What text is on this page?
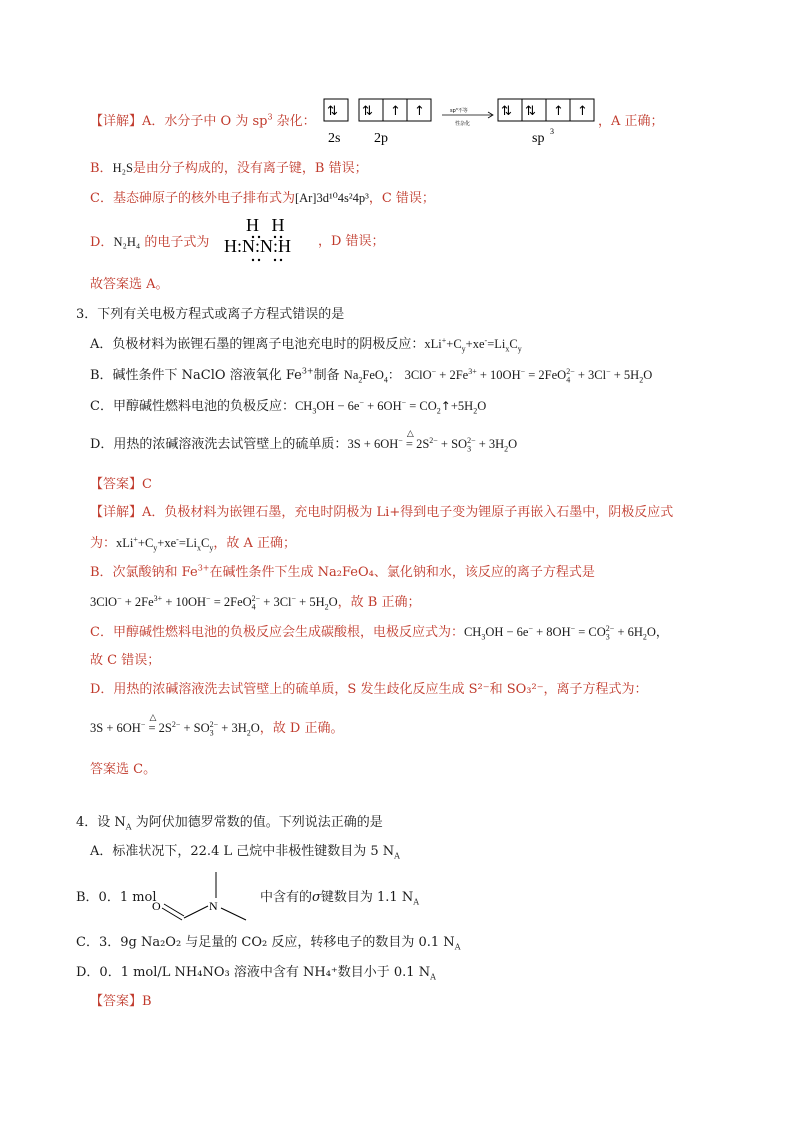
【详解】A．水分子中 O 为 $sp^3$ 杂化：
⇅ ⇅ ↑ ↑
2s 2p
sp³不等
性杂化
⇅ ⇅ ↑ ↑
sp 3
，A 正确；
B．H₂S是由分子构成的，没有离子键，B 错误；
C．基态砷原子的核外电子排布式为[Ar]3d¹⁰4s²4p³，C 错误；
D．N₂H₄ 的电子式为
H H
H:N:N:H ，D 错误；
故答案选 A。
3．下列有关电极方程式或离子方程式错误的是
A．负极材料为嵌锂石墨的锂离子电池充电时的阴极反应：$xLi^++C_y+xe^-=Li_xC_y$
B．碱性条件下 NaClO 溶液氧化 $Fe^{3+}$制备 $Na_2FeO_4$： $3ClO^- + 2Fe^{3+} + 10OH^- = 2FeO_4^{2-} + 3Cl^- + 5H_2O$
C．甲醇碱性燃料电池的负极反应：$CH_3OH - 6e^- + 6OH^-$ = $CO_2↑+5H_2O$
D．用热的浓碱溶液洗去试管壁上的硫单质：3S + 6OH−
△
= $2S^{2-} + SO_3^{2-} + 3H_2O$
【答案】C
【详解】A．负极材料为嵌锂石墨，充电时阴极为 Li+得到电子变为锂原子再嵌入石墨中，阴极反应式
为：$xLi^++C_y+xe^-=Li_xC_y$，故 A 正确；
B．次氯酸钠和 $Fe^{3+}$在碱性条件下生成 Na₂FeO₄、氯化钠和水，该反应的离子方程式是
$3ClO^- + 2Fe^{3+} + 10OH^- = 2FeO_4^{2-} + 3Cl^- + 5H_2O$，故 B 正确；
C．甲醇碱性燃料电池的负极反应会生成碳酸根，电极反应式为：$CH_3OH - 6e^- + 8OH^- = CO_3^{2-} + 6H_2O$，
故 C 错误；
D．用热的浓碱溶液洗去试管壁上的硫单质，S 发生歧化反应生成 S²⁻和 SO₃²⁻，离子方程式为：
3S + 6OH−
△
= $2S^{2-} + SO_3^{2-} + 3H_2O$，故 D 正确。
答案选 C。
4．设 $N_A$ 为阿伏加德罗常数的值。下列说法正确的是
A．标准状况下，22.4 L 己烷中非极性键数目为 5 $N_A$
B．0．1 mol
O	N
中含有的σ键数目为 1.1 $N_A$
C．3．9g Na₂O₂ 与足量的 CO₂ 反应，转移电子的数目为 0.1 $N_A$
D．0．1 mol/L NH₄NO₃ 溶液中含有 NH₄⁺数目小于 0.1 $N_A$
【答案】B
